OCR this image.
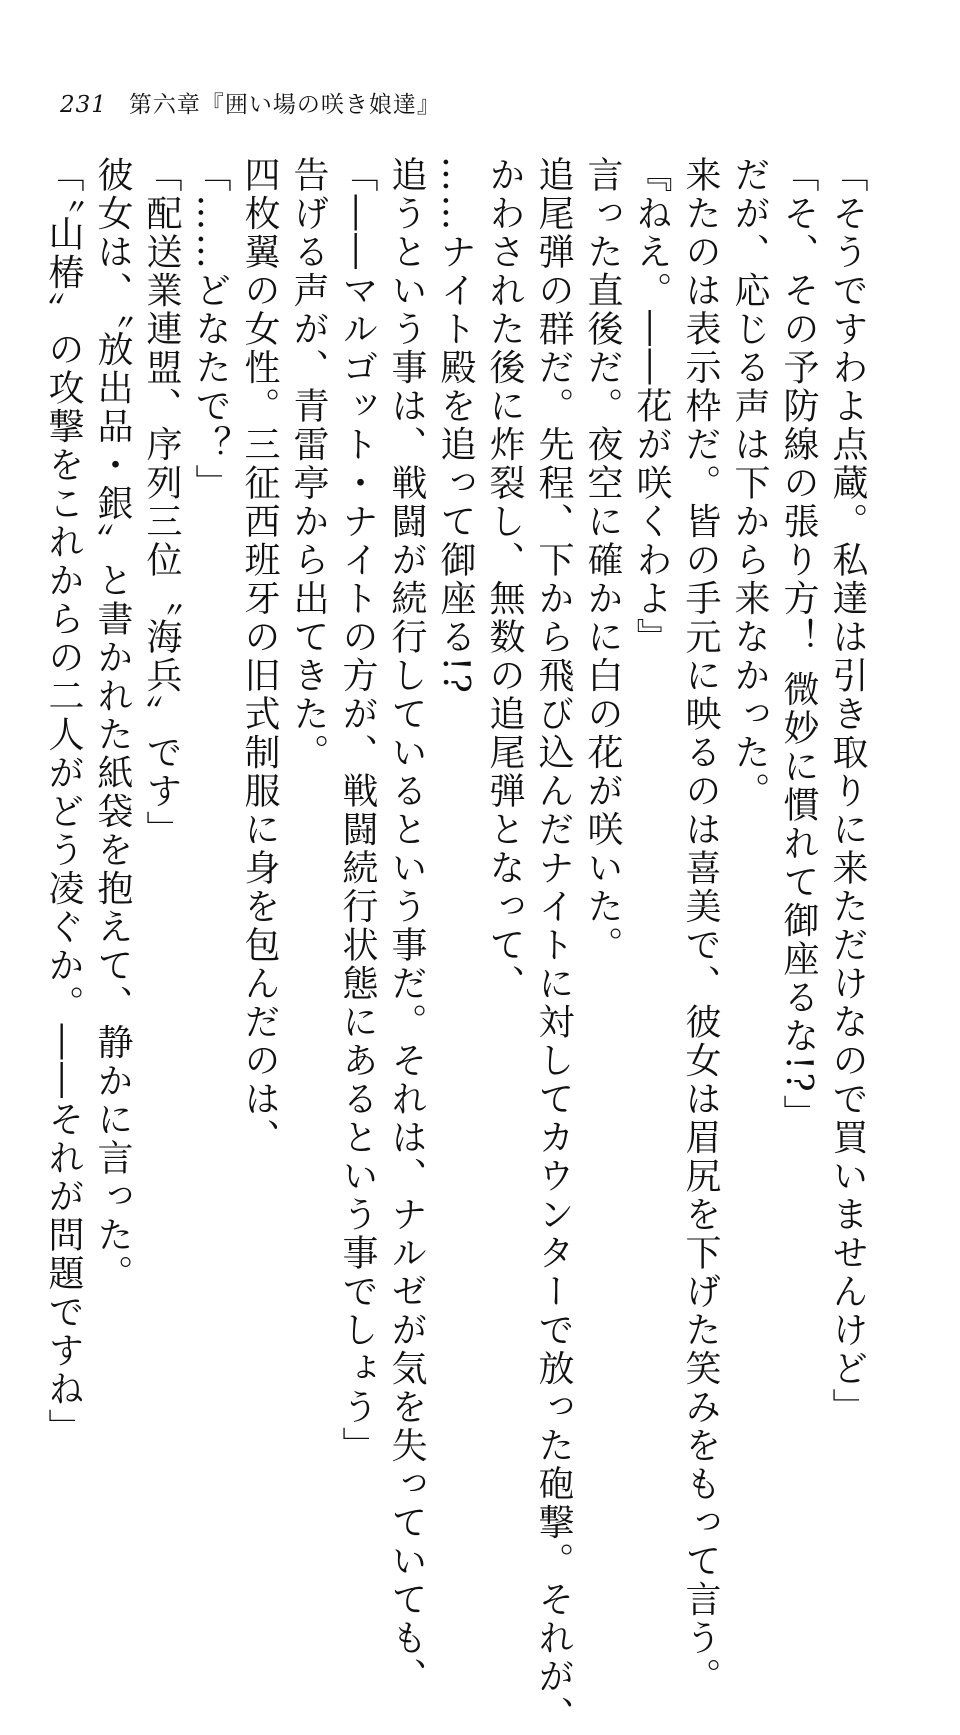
231 第六章『囲い場の咲き娘達』

「そうですわよ点蔵。私達は引き取りに来ただけなので買いませんけど」

「そ、その予防線の張り方！ 微妙に慣れて御座るな!?」

だが、応じる声は下から来なかった。

来たのは表示枠だ。皆の手元に映るのは喜美で、彼女は眉尻を下げた笑みをもって言う。

『ねえ。――花が咲くわよ』

言った直後だ。夜空に確かに白の花が咲いた。

追尾弾の群だ。先程、下から飛び込んだナイトに対してカウンターで放った砲撃。それが、

かわされた後に炸裂し、無数の追尾弾となって、

……ナイト殿を追って御座る!?

追うという事は、戦闘が続行しているという事だ。それは、ナルゼが気を失っていても、

「――マルゴット・ナイトの方が、戦闘続行状態にあるという事でしょう」

告げる声が、青雷亭から出てきた。

四枚翼の女性。三征西班牙の旧式制服に身を包んだのは、

「……どなたで？」

「配送業連盟、序列三位〝海兵〟です」

彼女は、〝放出品・銀〟と書かれた紙袋を抱えて、静かに言った。

「〝山椿〟の攻撃をこれからの二人がどう凌ぐか。――それが問題ですね」
